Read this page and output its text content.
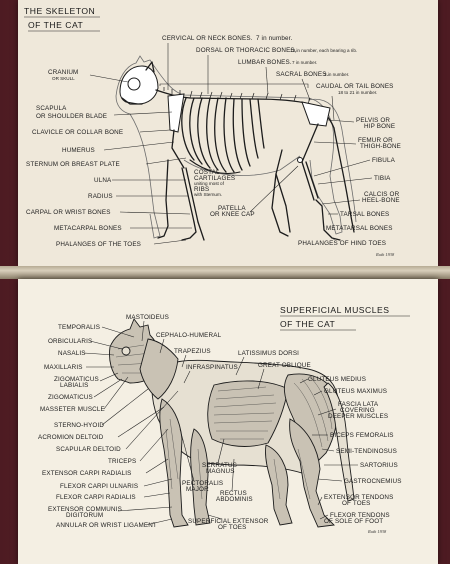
THE SKELETON
OF THE CAT
CRANIUM
OR SKULL
SCAPULA
OR SHOULDER BLADE
CLAVICLE OR COLLAR BONE
HUMERUS
STERNUM OR BREAST PLATE
ULNA
RADIUS
CARPAL OR WRIST BONES
METACARPAL BONES
PHALANGES OF THE TOES
CERVICAL OR NECK BONES. 7 in number.
DORSAL OR THORACIC BONES,
13 in number, each bearing a rib.
LUMBAR BONES. 7 in number.
SACRAL BONES.
3 in number.
CAUDAL OR TAIL BONES
18 to 21 in number.
PELVIS OR
HIP BONE
FEMUR OR
THIGH-BONE
FIBULA
TIBIA
CALCIS OR
HEEL-BONE
TARSAL BONES
METATARSAL BONES
PHALANGES OF HIND TOES
COSTAL
CARTILAGES
uniting most of
RIBS
with Sternum.
PATELLA
OR KNEE CAP
Ruth 1938
SUPERFICIAL MUSCLES
OF THE CAT
MASTOIDEUS
TEMPORALIS
ORBICULARIS
CEPHALO-HUMERAL
NASALIS	TRAPEZIUS	LATISSIMUS DORSI
MAXILLARIS	INFRASPINATUS	GREAT OBLIQUE
GLUTEUS MEDIUS
ZIGOMATICUS
LABIALIS
GLUTEUS MAXIMUS
ZIGOMATICUS
FASCIA LATA
COVERING
DEEPER MUSCLES
MASSETER MUSCLE
STERNO-HYOID
BICEPS FEMORALIS
ACROMION DELTOID
SEMI-TENDINOSUS
SCAPULAR DELTOID
SARTORIUS
TRICEPS
GASTROCNEMIUS
EXTENSOR CARPI RADIALIS
SERRATUS
MAGNUS
FLEXOR CARPI ULNARIS	PECTORALIS
MAJOR
EXTENSOR TENDONS
OF TOES
FLEXOR CARPI RADIALIS
RECTUS
ABDOMINIS
EXTENSOR COMMUNIS
DIGITORUM
ANNULAR OR WRIST LIGAMENT
SUPERFICIAL EXTENSOR
OF TOES
FLEXOR TENDONS
OF SOLE OF FOOT
Ruth 1938
